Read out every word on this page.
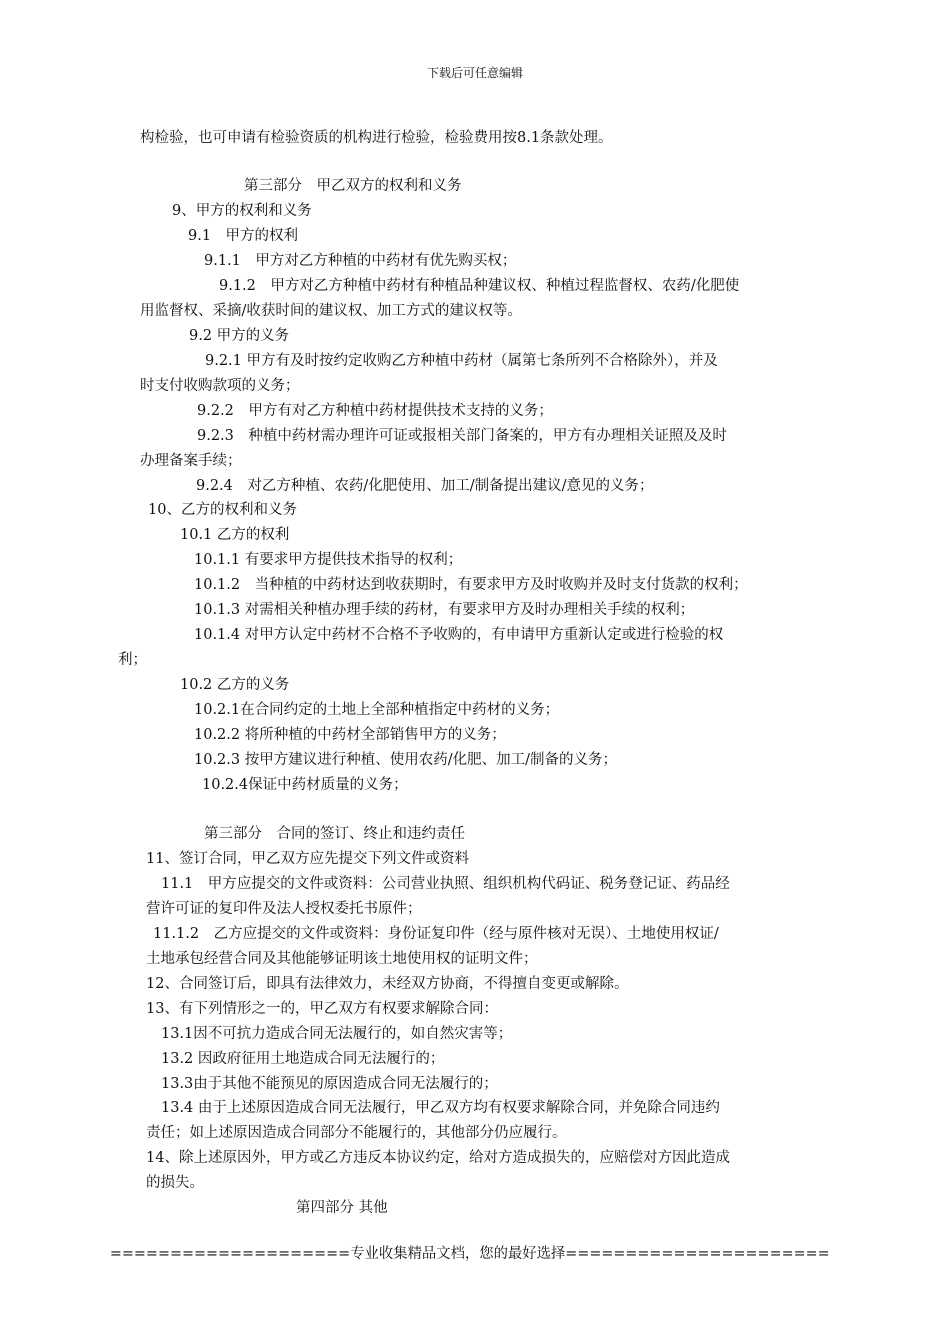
下载后可任意编辑
构检验，也可申请有检验资质的机构进行检验，检验费用按8.1条款处理。
第三部分　甲乙双方的权利和义务
9、甲方的权利和义务
9.1　甲方的权利
9.1.1　甲方对乙方种植的中药材有优先购买权；
9.1.2　甲方对乙方种植中药材有种植品种建议权、种植过程监督权、农药/化肥使
用监督权、采摘/收获时间的建议权、加工方式的建议权等。
9.2 甲方的义务
9.2.1 甲方有及时按约定收购乙方种植中药材（属第七条所列不合格除外），并及
时支付收购款项的义务；
9.2.2　甲方有对乙方种植中药材提供技术支持的义务；
9.2.3　种植中药材需办理许可证或报相关部门备案的，甲方有办理相关证照及及时
办理备案手续；
9.2.4　对乙方种植、农药/化肥使用、加工/制备提出建议/意见的义务；
10、乙方的权利和义务
10.1 乙方的权利
10.1.1 有要求甲方提供技术指导的权利；
10.1.2　当种植的中药材达到收获期时，有要求甲方及时收购并及时支付货款的权利；
10.1.3 对需相关种植办理手续的药材，有要求甲方及时办理相关手续的权利；
10.1.4 对甲方认定中药材不合格不予收购的，有申请甲方重新认定或进行检验的权
利；
10.2 乙方的义务
10.2.1在合同约定的土地上全部种植指定中药材的义务；
10.2.2 将所种植的中药材全部销售甲方的义务；
10.2.3 按甲方建议进行种植、使用农药/化肥、加工/制备的义务；
10.2.4保证中药材质量的义务；
第三部分　合同的签订、终止和违约责任
11、签订合同，甲乙双方应先提交下列文件或资料
11.1　甲方应提交的文件或资料：公司营业执照、组织机构代码证、税务登记证、药品经
营许可证的复印件及法人授权委托书原件；
11.1.2　乙方应提交的文件或资料：身份证复印件（经与原件核对无误）、土地使用权证/
土地承包经营合同及其他能够证明该土地使用权的证明文件；
12、合同签订后，即具有法律效力，未经双方协商，不得擅自变更或解除。
13、有下列情形之一的，甲乙双方有权要求解除合同：
13.1因不可抗力造成合同无法履行的，如自然灾害等；
13.2 因政府征用土地造成合同无法履行的；
13.3由于其他不能预见的原因造成合同无法履行的；
13.4 由于上述原因造成合同无法履行，甲乙双方均有权要求解除合同，并免除合同违约
责任；如上述原因造成合同部分不能履行的，其他部分仍应履行。
14、除上述原因外，甲方或乙方违反本协议约定，给对方造成损失的，应赔偿对方因此造成
的损失。
第四部分 其他
====================专业收集精品文档，您的最好选择======================
